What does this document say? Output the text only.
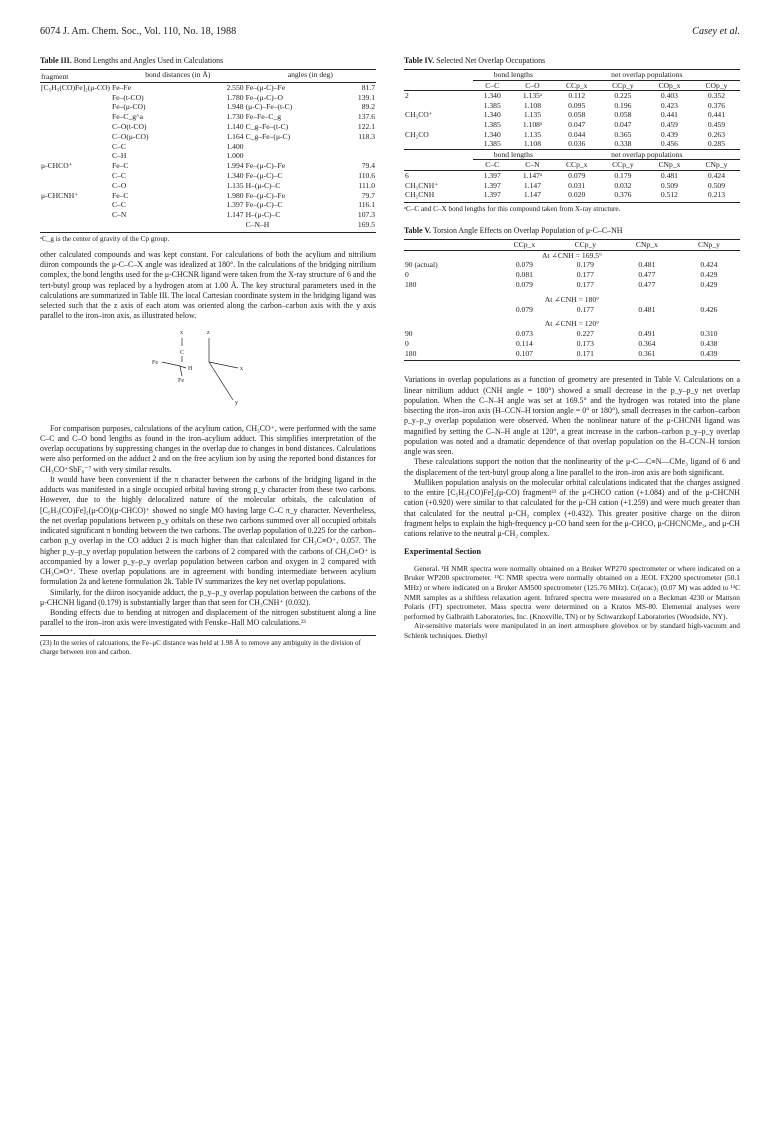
6074 J. Am. Chem. Soc., Vol. 110, No. 18, 1988	Casey et al.
Table III. Bond Lengths and Angles Used in Calculations
fragment	bond distances (in Å)		angles (in deg)	

[C₅H₅(CO)Fe]₂(μ-CO)	Fe–Fe	2.550	Fe–(μ-C)–Fe	81.7
	Fe–(t-CO)	1.780	Fe–(μ-C)–O	139.1
	Fe–(μ-CO)	1.948	(μ-C)–Fe–(t-C)	89.2
	Fe–C_g^a	1.730	Fe–Fe–C_g	137.6
	C–O(t-CO)	1.140	C_g–Fe–(t-C)	122.1
	C–O(μ-CO)	1.164	C_g–Fe–(μ-C)	118.3
	C–C	1.400		
	C–H	1.000		
μ-CHCO⁺	Fe–C	1.994	Fe–(μ-C)–Fe	79.4
	C–C	1.340	Fe–(μ-C)–C	110.6
	C–O	1.135	H–(μ-C)–C	111.0
μ-CHCNH⁺	Fe–C	1.980	Fe–(μ-C)–Fe	79.7
	C–C	1.397	Fe–(μ-C)–C	116.1
	C–N	1.147	H–(μ-C)–C	107.3
			C–N–H	169.5

ᵃC_g is the center of gravity of the Cp group.

other calculated compounds and was kept constant. For calculations of both the acylium and nitrilium diiron compounds the μ-C–C–X angle was idealized at 180°. In the calculations of the bridging nitrilium complex, the bond lengths used for the μ-CHCNR ligand were taken from the X-ray structure of 6 and the tert-butyl group was replaced by a hydrogen atom at 1.00 Å. The key structural parameters used in the calculations are summarized in Table III. The local Cartesian coordinate system in the bridging ligand was selected such that the z axis of each atom was oriented along the carbon–carbon axis with the y axis parallel to the iron–iron axis, as illustrated below.

x	z
C
H
Fe
Fe
x
y

For comparison purposes, calculations of the acylium cation, CH₃CO⁺, were performed with the same C–C and C–O bond lengths as found in the iron–acylium adduct. This simplifies interpretation of the overlap occupations by suppressing changes in the overlap due to changes in bond distances. Calculations were also performed on the adduct 2 and on the free acylium ion by using the reported bond distances for CH₃CO⁺SbF₆⁻⁷ with very similar results.

It would have been convenient if the π character between the carbons of the bridging ligand in the adducts was manifested in a single occupied orbital having strong p_y character from these two carbons. However, due to the highly delocalized nature of the molecular orbitals, the calculation of [C₅H₅(CO)Fe]₂(μ-CO)(μ-CHCO)⁺ showed no single MO having large C–C π_y character. Nevertheless, the net overlap populations between p_y orbitals on these two carbons summed over all occupied orbitals indicated significant π bonding between the two carbons. The overlap population of 0.225 for the carbon–carbon p_y overlap in the CO adduct 2 is much higher than that calculated for CH₃C≡O⁺, 0.057. The higher p_y–p_y overlap population between the carbons of 2 compared with the carbons of CH₃C≡O⁺ is accompanied by a lower p_y–p_y overlap population between carbon and oxygen in 2 compared with CH₃C≡O⁺. These overlap populations are in agreement with bonding intermediate between acylium formulation 2a and ketene formulation 2k. Table IV summarizes the key net overlap populations.

Similarly, for the diiron isocyanide adduct, the p_y–p_y overlap population between the carbons of the μ-CHCNH ligand (0.179) is substantially larger than that seen for CH₃CNH⁺ (0.032).

Bonding effects due to bending at nitrogen and displacement of the nitrogen substituent along a line parallel to the iron–iron axis were investigated with Fenske–Hall MO calculations.²³

(23) In the series of calcuations, the Fe–μC distance was held at 1.98 Å to remove any ambiguity in the division of charge between iron and carbon.
Table IV. Selected Net Overlap Occupations
	bond lengths		net overlap populations			
	C–C	C–O	CCp_x	CCp_y	COp_x	COp_y
2	1.340	1.135ᵃ	0.112	0.225	0.403	0.352
	1.385	1.108	0.095	0.196	0.423	0.376
CH₃CO⁺	1.340	1.135	0.058	0.058	0.441	0.441
	1.385	1.108ᵃ	0.047	0.047	0.459	0.459
CH₂CO	1.340	1.135	0.044	0.365	0.439	0.263
	1.385	1.108	0.036	0.338	0.456	0.285
	bond lengths		net overlap populations			
	C–C	C–N	CCp_x	CCp_y	CNp_x	CNp_y
6	1.397	1.147ᵃ	0.079	0.179	0.481	0.424
CH₃CNH⁺	1.397	1.147	0.031	0.032	0.509	0.509
CH₂CNH	1.397	1.147	0.020	0.376	0.512	0.213

ᵃC–C and C–X bond lengths for this compound taken from X-ray structure.
Table V. Torsion Angle Effects on Overlap Population of μ-C–C–NH
	CCp_x	CCp_y	CNp_x	CNp_y
At ∠CNH = 169.5°				
90 (actual)	0.079	0.179	0.481	0.424
0	0.081	0.177	0.477	0.429
180	0.079	0.177	0.477	0.429
At ∠CNH = 180°				
	0.079	0.177	0.481	0.426
At ∠CNH = 120°				
90	0.073	0.227	0.491	0.310
0	0.114	0.173	0.364	0.438
180	0.107	0.171	0.361	0.439

Variations in overlap populations as a function of geometry are presented in Table V. Calculations on a linear nitrilium adduct (CNH angle = 180°) showed a small decrease in the p_y–p_y net overlap population. When the C–N–H angle was set at 169.5° and the hydrogen was rotated into the plane bisecting the iron–iron axis (H–CCN–H torsion angle = 0° or 180°), small decreases in the carbon–carbon p_y–p_y overlap population were observed. When the nonlinear nature of the μ-CHCNH ligand was magnified by setting the C–N–H angle at 120°, a great increase in the carbon–carbon p_y–p_y overlap population was noted and a dramatic dependence of that overlap population on the H–CCN–H torsion angle was seen.

These calculations support the notion that the nonlinearity of the μ-C—C≡N—CMe₃ ligand of 6 and the displacement of the tert-butyl group along a line parallel to the iron–iron axis are both significant.

Mulliken population analysis on the molecular orbital calculations indicated that the charges assigned to the entire [C₅H₅(CO)Fe]₂(μ-CO) fragment²³ of the μ-CHCO cation (+1.084) and of the μ-CHCNH cation (+0.920) were similar to that calculated for the μ-CH cation (+1.259) and were much greater than that calculated for the neutral μ-CH₂ complex (+0.432). This greater positive charge on the diiron fragment helps to explain the high-frequency μ-CO band seen for the μ-CHCO, μ-CHCNCMe₃, and μ-CH cations relative to the neutral μ-CH₂ complex.

Experimental Section

General. ¹H NMR spectra were normally obtained on a Bruker WP270 spectrometer or where indicated on a Bruker WP200 spectrometer. ¹³C NMR spectra were normally obtained on a JEOL FX200 spectrometer (50.1 MHz) or where indicated on a Bruker AM500 spectrometer (125.76 MHz). Cr(acac)₃ (0.07 M) was added to ¹³C NMR samples as a shiftless relaxation agent. Infrared spectra were measured on a Beckman 4230 or Mattson Polaris (FT) spectrometer. Mass spectra were determined on a Kratos MS-80. Elemental analyses were performed by Galbraith Laboratories, Inc. (Knoxville, TN) or by Schwarzkopf Laboratories (Woodside, NY).

Air-sensitive materials were manipulated in an inert atmosphere glovebox or by standard high-vacuum and Schlenk techniques. Diethyl
